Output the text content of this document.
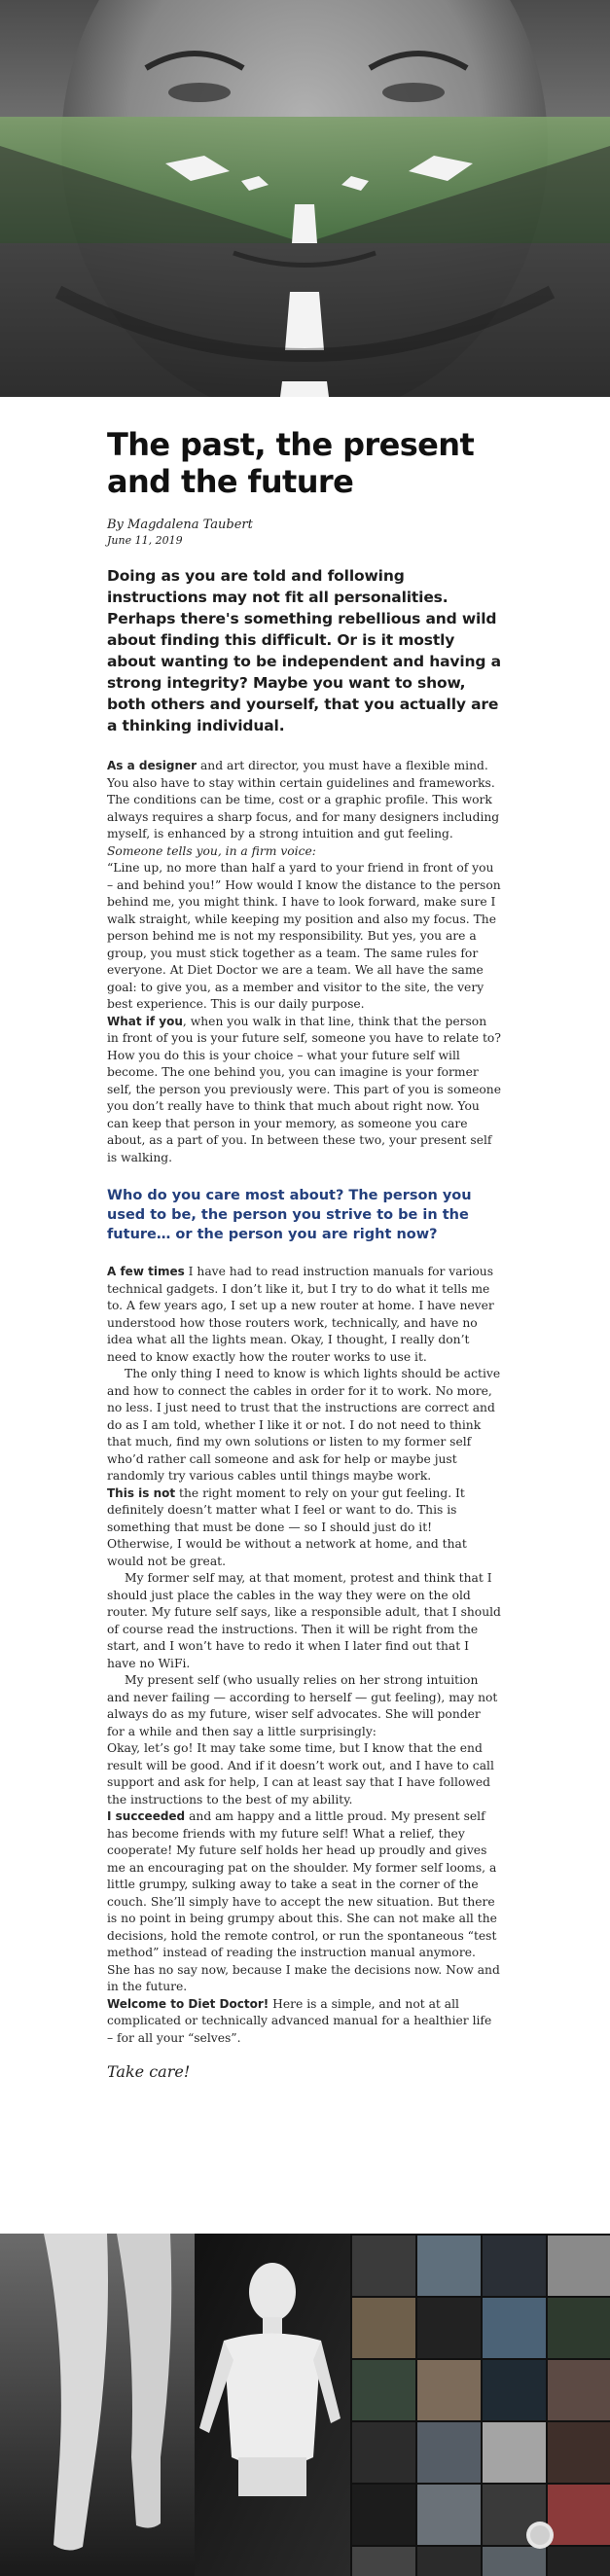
The past, the present and the future
By Magdalena Taubert
June 11, 2019
Doing as you are told and following instructions may not fit all personalities. Perhaps there's something rebellious and wild about finding this difficult. Or is it mostly about wanting to be independent and having a strong integrity? Maybe you want to show, both others and yourself, that you actually are a thinking individual.
As a designer and art director, you must have a flexible mind. You also have to stay within certain guidelines and frameworks. The conditions can be time, cost or a graphic profile. This work always requires a sharp focus, and for many designers including myself, is enhanced by a strong intuition and gut feeling.
Someone tells you, in a firm voice:
“Line up, no more than half a yard to your friend in front of you – and behind you!” How would I know the distance to the person behind me, you might think. I have to look forward, make sure I walk straight, while keeping my position and also my focus. The person behind me is not my responsibility. But yes, you are a group, you must stick together as a team. The same rules for everyone. At Diet Doctor we are a team. We all have the same goal: to give you, as a member and visitor to the site, the very best experience. This is our daily purpose.
What if you, when you walk in that line, think that the person in front of you is your future self, someone you have to relate to? How you do this is your choice – what your future self will become. The one behind you, you can imagine is your former self, the person you previously were. This part of you is someone you don’t really have to think that much about right now. You can keep that person in your memory, as someone you care about, as a part of you. In between these two, your present self is walking.
Who do you care most about? The person you used to be, the person you strive to be in the future… or the person you are right now?
A few times I have had to read instruction manuals for various technical gadgets. I don’t like it, but I try to do what it tells me to. A few years ago, I set up a new router at home. I have never understood how those routers work, technically, and have no idea what all the lights mean. Okay, I thought, I really don’t need to know exactly how the router works to use it.
The only thing I need to know is which lights should be active and how to connect the cables in order for it to work. No more, no less. I just need to trust that the instructions are correct and do as I am told, whether I like it or not. I do not need to think that much, find my own solutions or listen to my former self who’d rather call someone and ask for help or maybe just randomly try various cables until things maybe work.
This is not the right moment to rely on your gut feeling. It definitely doesn’t matter what I feel or want to do. This is something that must be done — so I should just do it! Otherwise, I would be without a network at home, and that would not be great.
My former self may, at that moment, protest and think that I should just place the cables in the way they were on the old router. My future self says, like a responsible adult, that I should of course read the instructions. Then it will be right from the start, and I won’t have to redo it when I later find out that I have no WiFi.
My present self (who usually relies on her strong intuition and never failing — according to herself — gut feeling), may not always do as my future, wiser self advocates. She will ponder for a while and then say a little surprisingly:
Okay, let’s go! It may take some time, but I know that the end result will be good. And if it doesn’t work out, and I have to call support and ask for help, I can at least say that I have followed the instructions to the best of my ability.
I succeeded and am happy and a little proud. My present self has become friends with my future self! What a relief, they cooperate! My future self holds her head up proudly and gives me an encouraging pat on the shoulder. My former self looms, a little grumpy, sulking away to take a seat in the corner of the couch. She’ll simply have to accept the new situation. But there is no point in being grumpy about this. She can not make all the decisions, hold the remote control, or run the spontaneous “test method” instead of reading the instruction manual anymore. She has no say now, because I make the decisions now. Now and in the future.
Welcome to Diet Doctor! Here is a simple, and not at all complicated or technically advanced manual for a healthier life – for all your “selves”.
Take care!
